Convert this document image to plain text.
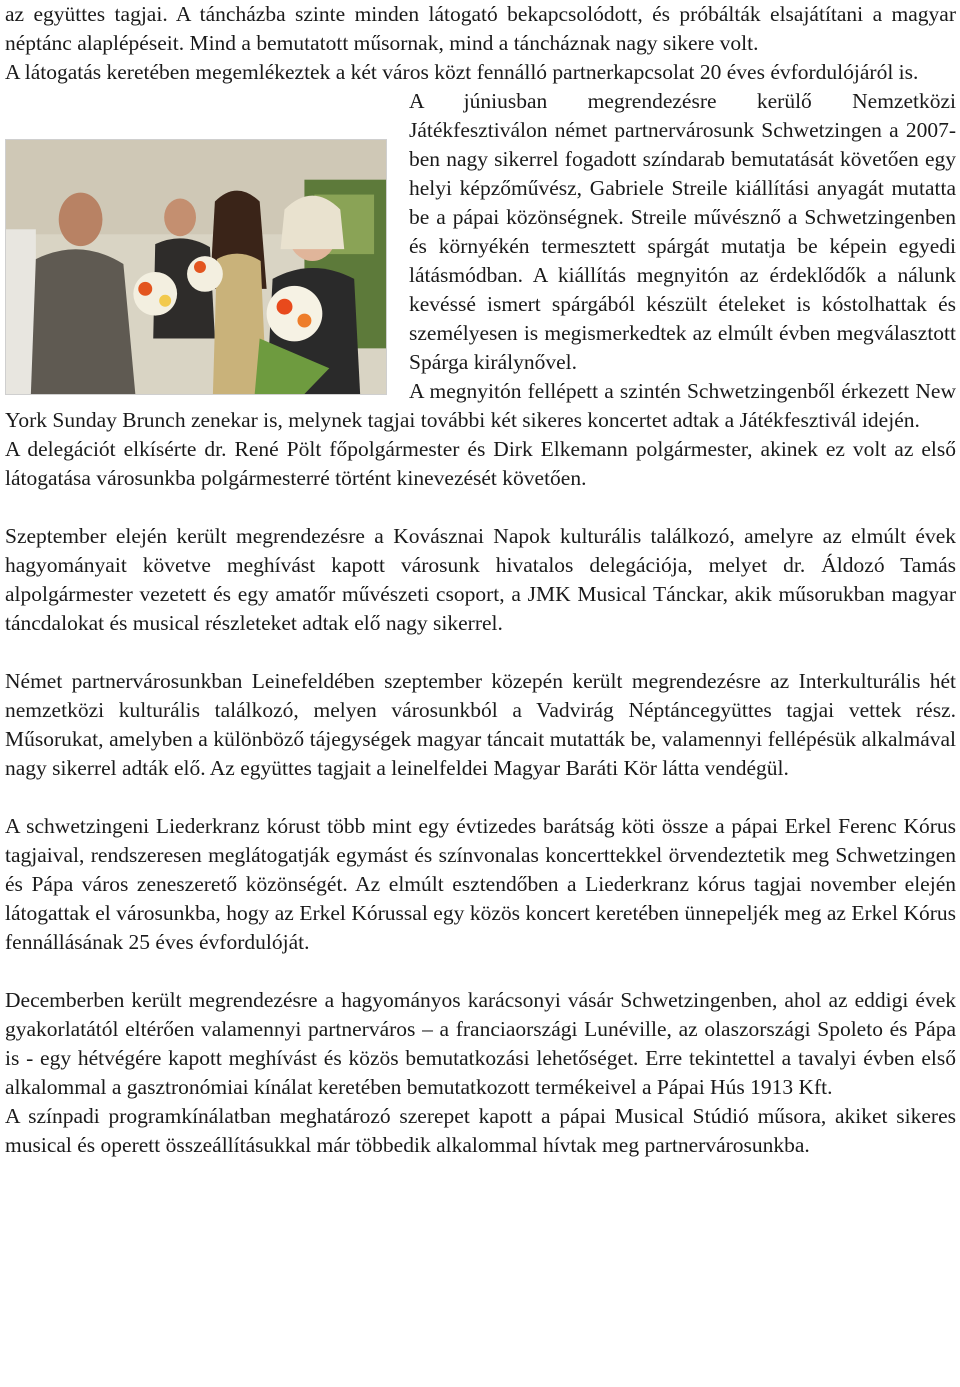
az együttes tagjai. A táncházba szinte minden látogató bekapcsolódott, és próbálták elsajátítani a magyar néptánc alaplépéseit. Mind a bemutatott műsornak, mind a táncháznak nagy sikere volt.

A látogatás keretében megemlékeztek a két város közt fennálló partnerkapcsolat 20 éves évfordulójáról is.

A júniusban megrendezésre kerülő Nemzetközi Játékfesztiválon német partnervárosunk Schwetzingen a 2007-ben nagy sikerrel fogadott színdarab bemutatását követően egy helyi képzőművész, Gabriele Streile kiállítási anyagát mutatta be a pápai közönségnek. Streile művésznő a Schwetzingenben és környékén termesztett spárgát mutatja be képein egyedi látásmódban. A kiállítás megnyitón az érdeklődők a nálunk kevéssé ismert spárgából készült ételeket is kóstolhattak és személyesen is megismerkedtek az elmúlt évben megválasztott Spárga királynővel.

A megnyitón fellépett a szintén Schwetzingenből érkezett New York Sunday Brunch zenekar is, melynek tagjai további két sikeres koncertet adtak a Játékfesztivál idején.

A delegációt elkísérte dr. René Pölt főpolgármester és Dirk Elkemann polgármester, akinek ez volt az első látogatása városunkba polgármesterré történt kinevezését követően.

Szeptember elején került megrendezésre a Kovásznai Napok kulturális találkozó, amelyre az elmúlt évek hagyományait követve meghívást kapott városunk hivatalos delegációja, melyet dr. Áldozó Tamás alpolgármester vezetett és egy amatőr művészeti csoport, a JMK Musical Tánckar, akik műsorukban magyar táncdalokat és musical részleteket adtak elő nagy sikerrel.

Német partnervárosunkban Leinefeldében szeptember közepén került megrendezésre az Interkulturális hét nemzetközi kulturális találkozó, melyen városunkból a Vadvirág Néptáncegyüttes tagjai vettek rész. Műsorukat, amelyben a különböző tájegységek magyar táncait mutatták be, valamennyi fellépésük alkalmával nagy sikerrel adták elő. Az együttes tagjait a leinelfeldei Magyar Baráti Kör látta vendégül.

A schwetzingeni Liederkranz kórust több mint egy évtizedes barátság köti össze a pápai Erkel Ferenc Kórus tagjaival, rendszeresen meglátogatják egymást és színvonalas koncerttekkel örvendeztetik meg Schwetzingen és Pápa város zeneszerető közönségét. Az elmúlt esztendőben a Liederkranz kórus tagjai november elején látogattak el városunkba, hogy az Erkel Kórussal egy közös koncert keretében ünnepeljék meg az Erkel Kórus fennállásának 25 éves évfordulóját.

Decemberben került megrendezésre a hagyományos karácsonyi vásár Schwetzingenben, ahol az eddigi évek gyakorlatától eltérően valamennyi partnerváros – a franciaországi Lunéville, az olaszországi Spoleto és Pápa is - egy hétvégére kapott meghívást és közös bemutatkozási lehetőséget. Erre tekintettel a tavalyi évben első alkalommal a gasztronómiai kínálat keretében bemutatkozott termékeivel a Pápai Hús 1913 Kft.

A színpadi programkínálatban meghatározó szerepet kapott a pápai Musical Stúdió műsora, akiket sikeres musical és operett összeállításukkal már többedik alkalommal hívtak meg partnervárosunkba.
